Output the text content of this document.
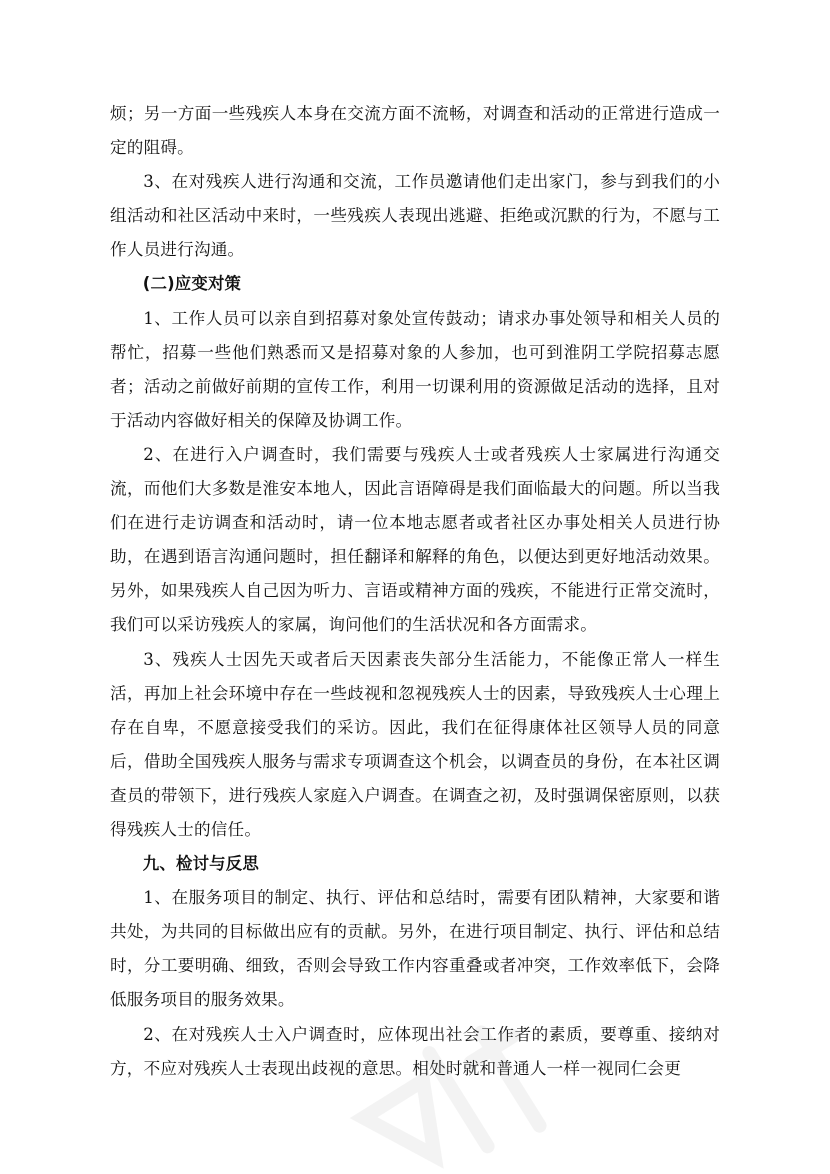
烦；另一方面一些残疾人本身在交流方面不流畅，对调查和活动的正常进行造成一定的阻碍。

3、在对残疾人进行沟通和交流，工作员邀请他们走出家门，参与到我们的小组活动和社区活动中来时，一些残疾人表现出逃避、拒绝或沉默的行为，不愿与工作人员进行沟通。

(二)应变对策

1、工作人员可以亲自到招募对象处宣传鼓动；请求办事处领导和相关人员的帮忙，招募一些他们熟悉而又是招募对象的人参加，也可到淮阴工学院招募志愿者；活动之前做好前期的宣传工作，利用一切课利用的资源做足活动的选择，且对于活动内容做好相关的保障及协调工作。

2、在进行入户调查时，我们需要与残疾人士或者残疾人士家属进行沟通交流，而他们大多数是淮安本地人，因此言语障碍是我们面临最大的问题。所以当我们在进行走访调查和活动时，请一位本地志愿者或者社区办事处相关人员进行协助，在遇到语言沟通问题时，担任翻译和解释的角色，以便达到更好地活动效果。另外，如果残疾人自己因为听力、言语或精神方面的残疾，不能进行正常交流时，我们可以采访残疾人的家属，询问他们的生活状况和各方面需求。

3、残疾人士因先天或者后天因素丧失部分生活能力，不能像正常人一样生活，再加上社会环境中存在一些歧视和忽视残疾人士的因素，导致残疾人士心理上存在自卑，不愿意接受我们的采访。因此，我们在征得康体社区领导人员的同意后，借助全国残疾人服务与需求专项调查这个机会，以调查员的身份，在本社区调查员的带领下，进行残疾人家庭入户调查。在调查之初，及时强调保密原则，以获得残疾人士的信任。

九、检讨与反思

1、在服务项目的制定、执行、评估和总结时，需要有团队精神，大家要和谐共处，为共同的目标做出应有的贡献。另外，在进行项目制定、执行、评估和总结时，分工要明确、细致，否则会导致工作内容重叠或者冲突，工作效率低下，会降低服务项目的服务效果。

2、在对残疾人士入户调查时，应体现出社会工作者的素质，要尊重、接纳对方，不应对残疾人士表现出歧视的意思。相处时就和普通人一样一视同仁会更
